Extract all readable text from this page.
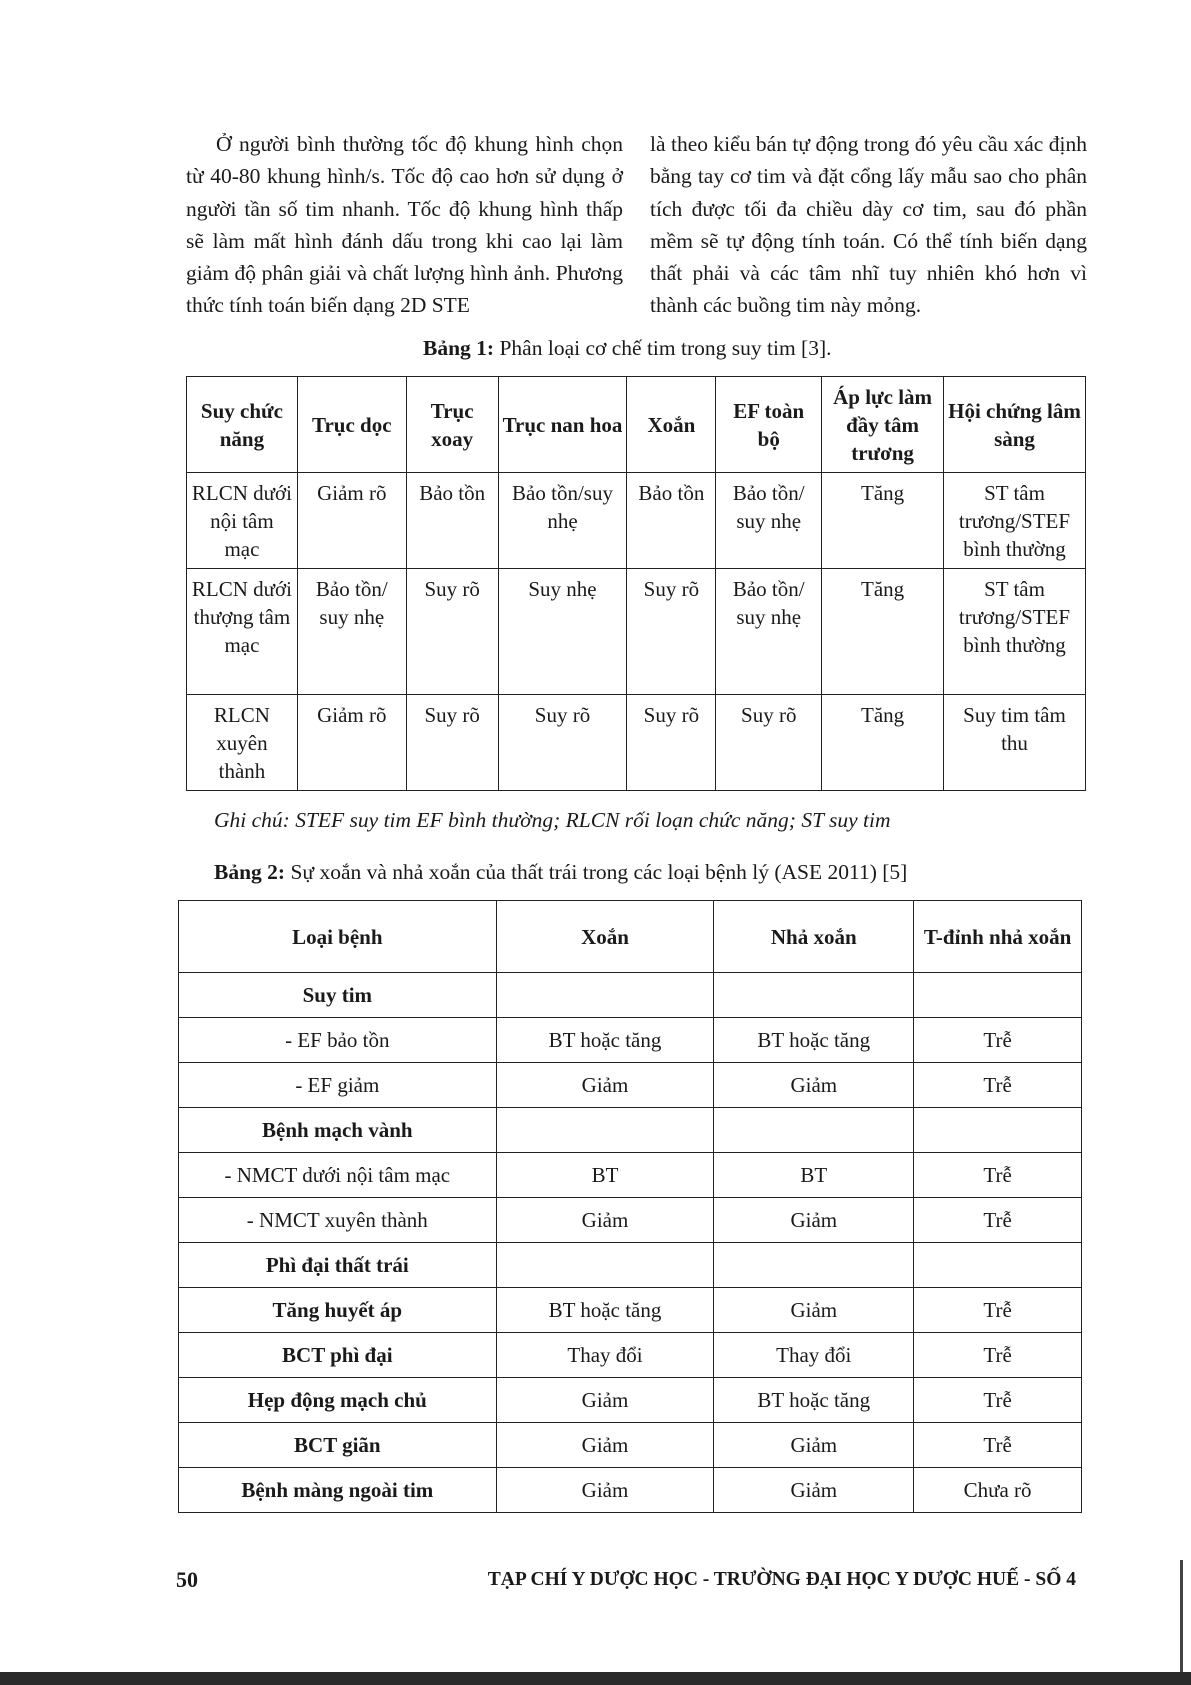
Ở người bình thường tốc độ khung hình chọn từ 40-80 khung hình/s. Tốc độ cao hơn sử dụng ở người tần số tim nhanh. Tốc độ khung hình thấp sẽ làm mất hình đánh dấu trong khi cao lại làm giảm độ phân giải và chất lượng hình ảnh. Phương thức tính toán biến dạng 2D STE

là theo kiểu bán tự động trong đó yêu cầu xác định bằng tay cơ tim và đặt cổng lấy mẫu sao cho phân tích được tối đa chiều dày cơ tim, sau đó phần mềm sẽ tự động tính toán. Có thể tính biến dạng thất phải và các tâm nhĩ tuy nhiên khó hơn vì thành các buồng tim này mỏng.

Bảng 1: Phân loại cơ chế tim trong suy tim [3].
Suy chức năng	Trục dọc	Trục xoay	Trục nan hoa	Xoắn	EF toàn bộ	Áp lực làm đầy tâm trương	Hội chứng lâm sàng
RLCN dưới nội tâm mạc	Giảm rõ	Bảo tồn	Bảo tồn/suy nhẹ	Bảo tồn	Bảo tồn/ suy nhẹ	Tăng	ST tâm trương/STEF bình thường
RLCN dưới thượng tâm mạc	Bảo tồn/ suy nhẹ	Suy rõ	Suy nhẹ	Suy rõ	Bảo tồn/ suy nhẹ	Tăng	ST tâm trương/STEF bình thường
RLCN xuyên thành	Giảm rõ	Suy rõ	Suy rõ	Suy rõ	Suy rõ	Tăng	Suy tim tâm thu
Ghi chú: STEF suy tim EF bình thường; RLCN rối loạn chức năng; ST suy tim
Bảng 2: Sự xoắn và nhả xoắn của thất trái trong các loại bệnh lý (ASE 2011) [5]
Loại bệnh	Xoắn	Nhả xoắn	T-đỉnh nhả xoắn
Suy tim			
- EF bảo tồn	BT hoặc tăng	BT hoặc tăng	Trễ
- EF giảm	Giảm	Giảm	Trễ
Bệnh mạch vành			
- NMCT dưới nội tâm mạc	BT	BT	Trễ
- NMCT xuyên thành	Giảm	Giảm	Trễ
Phì đại thất trái			
Tăng huyết áp	BT hoặc tăng	Giảm	Trễ
BCT phì đại	Thay đổi	Thay đổi	Trễ
Hẹp động mạch chủ	Giảm	BT hoặc tăng	Trễ
BCT giãn	Giảm	Giảm	Trễ
Bệnh màng ngoài tim	Giảm	Giảm	Chưa rõ
50	TẠP CHÍ Y DƯỢC HỌC - TRƯỜNG ĐẠI HỌC Y DƯỢC HUẾ - SỐ 4
